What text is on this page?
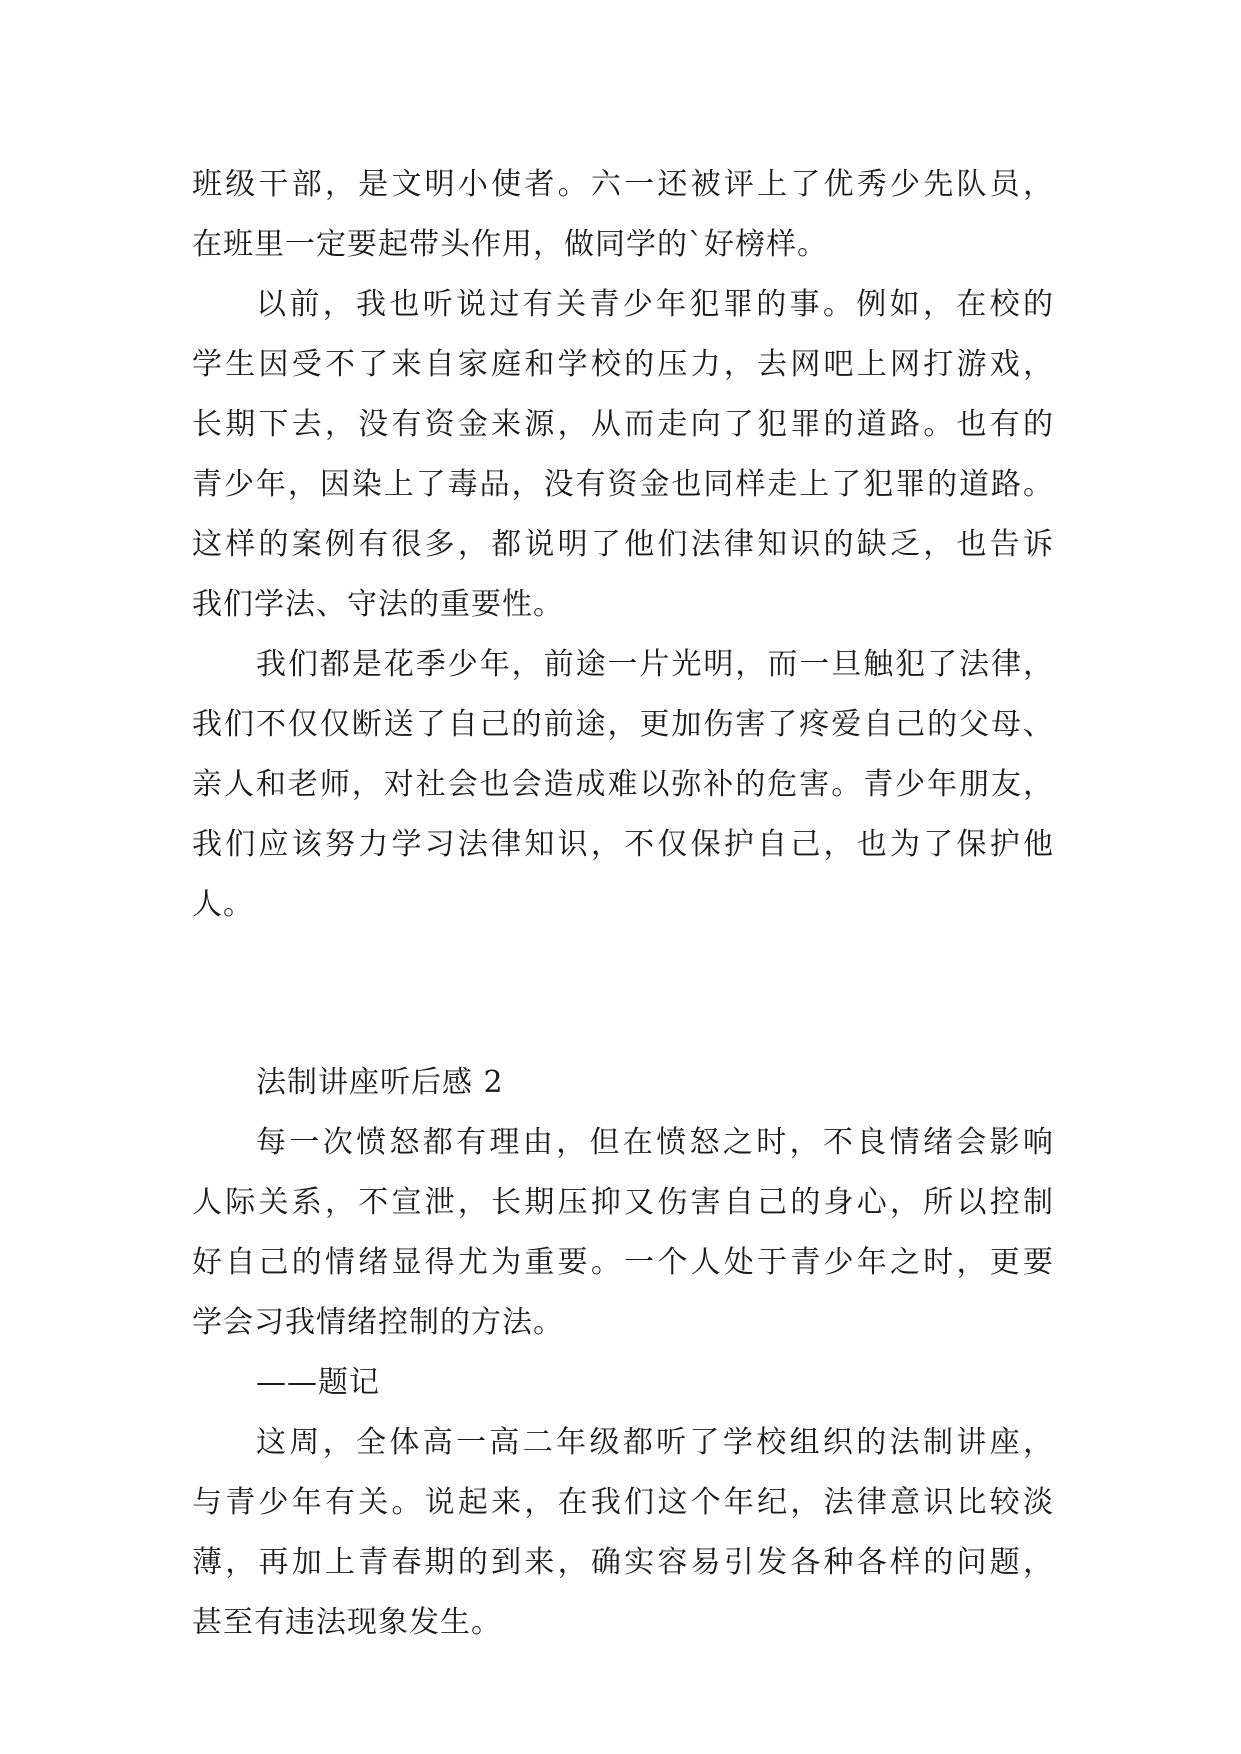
班级干部，是文明小使者。六一还被评上了优秀少先队员，
在班里一定要起带头作用，做同学的`好榜样。
以前，我也听说过有关青少年犯罪的事。例如，在校的
学生因受不了来自家庭和学校的压力，去网吧上网打游戏，
长期下去，没有资金来源，从而走向了犯罪的道路。也有的
青少年，因染上了毒品，没有资金也同样走上了犯罪的道路。
这样的案例有很多，都说明了他们法律知识的缺乏，也告诉
我们学法、守法的重要性。
我们都是花季少年，前途一片光明，而一旦触犯了法律，
我们不仅仅断送了自己的前途，更加伤害了疼爱自己的父母、
亲人和老师，对社会也会造成难以弥补的危害。青少年朋友，
我们应该努力学习法律知识，不仅保护自己，也为了保护他
人。
法制讲座听后感 2
每一次愤怒都有理由，但在愤怒之时，不良情绪会影响
人际关系，不宣泄，长期压抑又伤害自己的身心，所以控制
好自己的情绪显得尤为重要。一个人处于青少年之时，更要
学会习我情绪控制的方法。
——题记
这周，全体高一高二年级都听了学校组织的法制讲座，
与青少年有关。说起来，在我们这个年纪，法律意识比较淡
薄，再加上青春期的到来，确实容易引发各种各样的问题，
甚至有违法现象发生。
